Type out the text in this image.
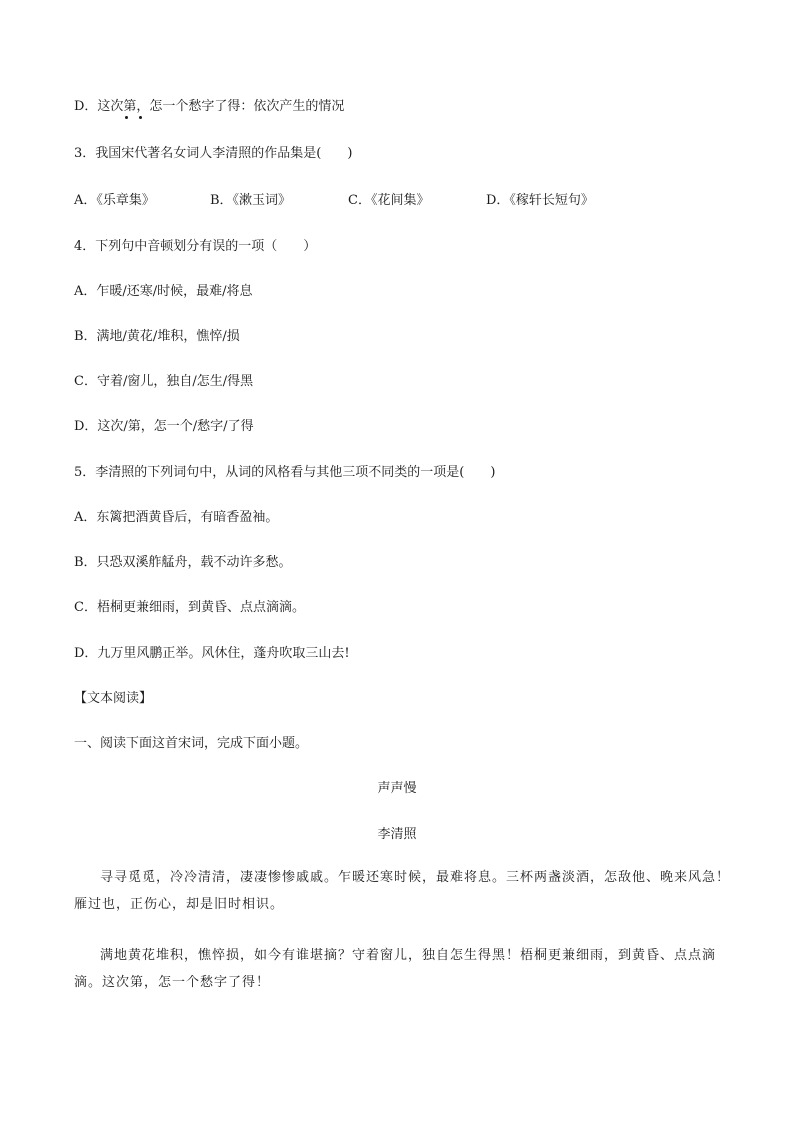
D．这次第，怎一个愁字了得：依次产生的情况
3．我国宋代著名女词人李清照的作品集是(　　)
A．《乐章集》	B．《漱玉词》	C．《花间集》	D．《稼轩长短句》
4．下列句中音顿划分有误的一项（　　）
A．乍暖/还寒/时候，最难/将息
B．满地/黄花/堆积，憔悴/损
C．守着/窗儿，独自/怎生/得黑
D．这次/第，怎一个/愁字/了得
5．李清照的下列词句中，从词的风格看与其他三项不同类的一项是(　　)
A．东篱把酒黄昏后，有暗香盈袖。
B．只恐双溪舴艋舟，载不动许多愁。
C．梧桐更兼细雨，到黄昏、点点滴滴。
D．九万里风鹏正举。风休住，蓬舟吹取三山去!
【文本阅读】
一、阅读下面这首宋词，完成下面小题。
声声慢
李清照
寻寻觅觅，冷冷清清，凄凄惨惨戚戚。乍暖还寒时候，最难将息。三杯两盏淡酒，怎敌他、晚来风急！雁过也，正伤心，却是旧时相识。
满地黄花堆积，憔悴损，如今有谁堪摘？守着窗儿，独自怎生得黑！梧桐更兼细雨，到黄昏、点点滴滴。这次第，怎一个愁字了得！
